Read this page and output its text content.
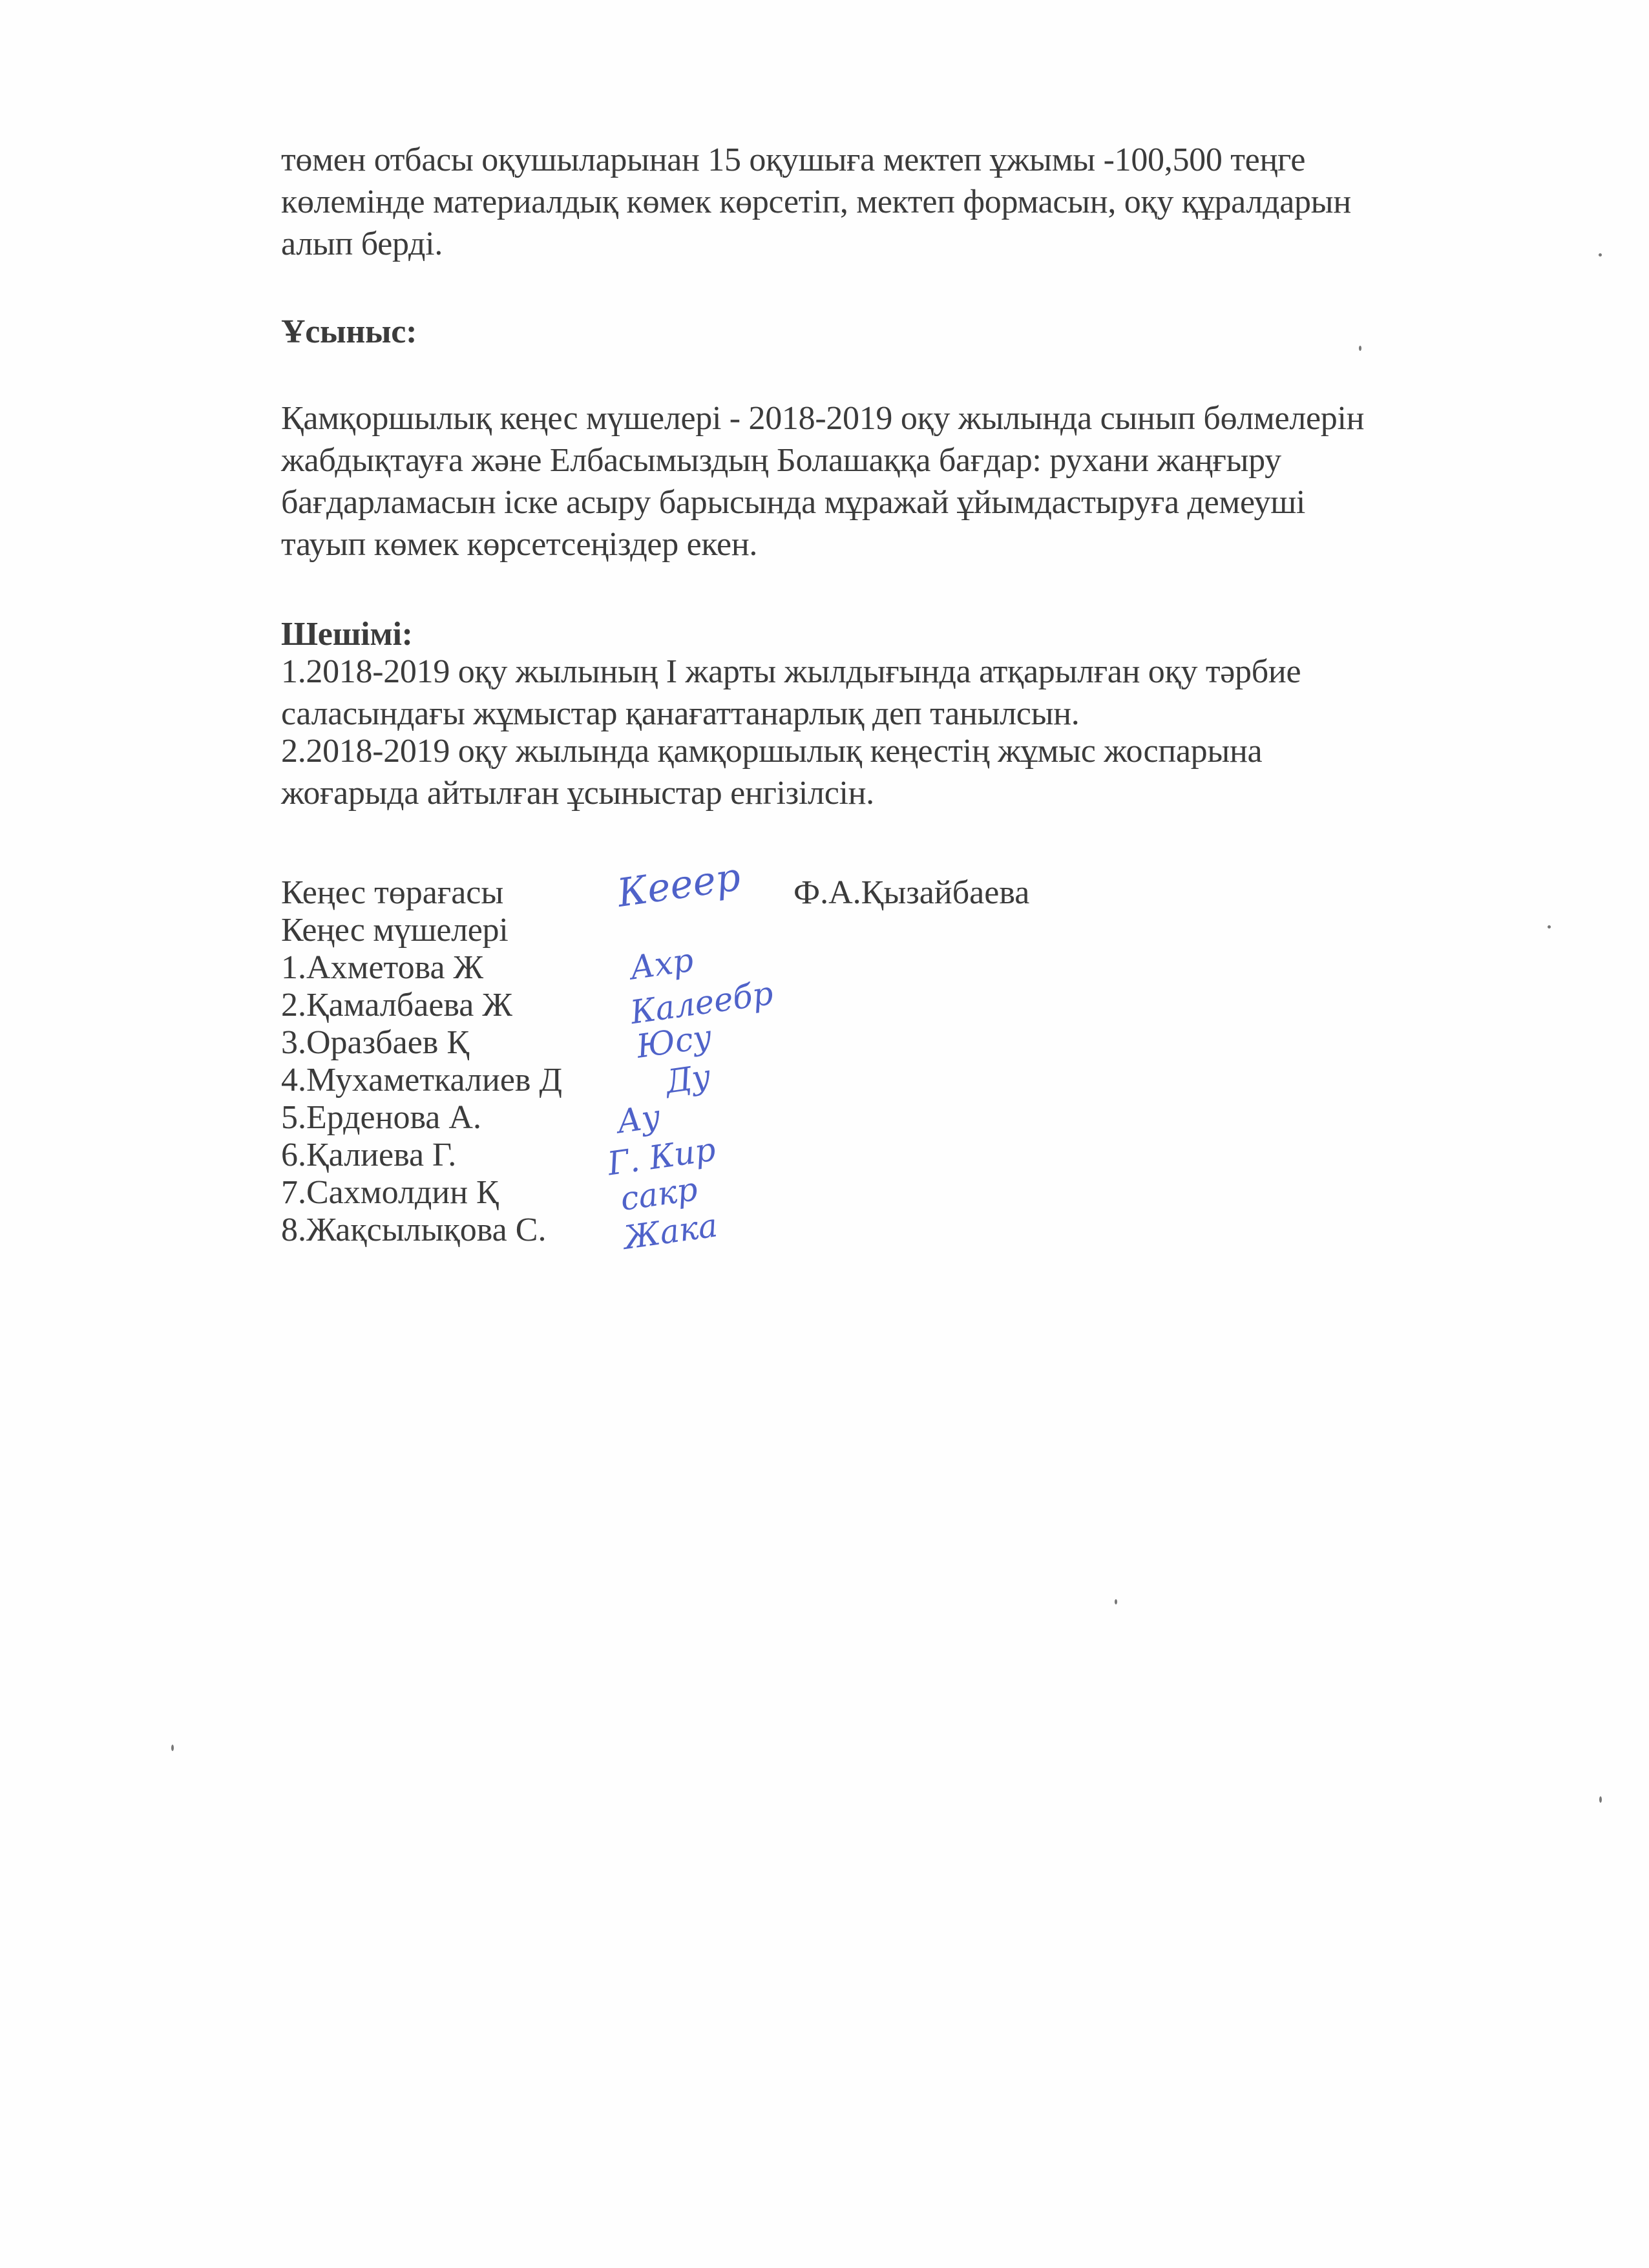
төмен отбасы оқушыларынан 15 оқушыға мектеп ұжымы -100,500 теңге
көлемінде материалдық көмек көрсетіп, мектеп формасын, оқу құралдарын
алып берді.
Ұсыныс:
Қамқоршылық кеңес мүшелері - 2018-2019 оқу жылында сынып бөлмелерін
жабдықтауға және Елбасымыздың Болашаққа бағдар: рухани жаңғыру
бағдарламасын іске асыру барысында мұражай ұйымдастыруға демеуші
тауып көмек көрсетсеңіздер екен.
Шешімі:
1.2018-2019 оқу жылының І жарты жылдығында атқарылған оқу тәрбие
саласындағы жұмыстар қанағаттанарлық деп танылсын.
2.2018-2019 оқу жылында қамқоршылық кеңестің жұмыс жоспарына
жоғарыда айтылған ұсыныстар енгізілсін.
Кеңес төрағасы	Кееер Ф.А.Қызайбаева
Кеңес мүшелері
1.Ахметова Ж	Ахр
2.Қамалбаева Ж	Калеебр
3.Оразбаев Қ	Юсу
4.Мухаметкалиев Д	Ду
5.Ерденова А.	Ау
6.Қалиева Г.	Г. Кир
7.Сахмолдин Қ	сакр
8.Жақсылықова С. Жака
